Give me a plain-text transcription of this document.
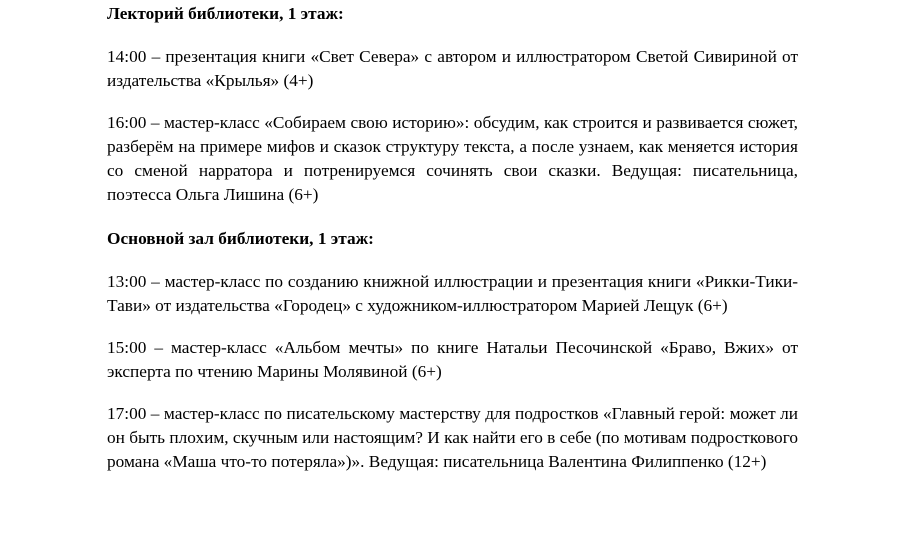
Лекторий библиотеки, 1 этаж:

14:00 – презентация книги «Свет Севера» с автором и иллюстратором Светой Сивириной от издательства «Крылья» (4+)

16:00 – мастер-класс «Собираем свою историю»: обсудим, как строится и развивается сюжет, разберём на примере мифов и сказок структуру текста, а после узнаем, как меняется история со сменой нарратора и потренируемся сочинять свои сказки. Ведущая: писательница, поэтесса Ольга Лишина (6+)

Основной зал библиотеки, 1 этаж:

13:00 – мастер-класс по созданию книжной иллюстрации и презентация книги «Рикки-Тики-Тави» от издательства «Городец» с художником-иллюстратором Марией Лещук (6+)

15:00 – мастер-класс «Альбом мечты» по книге Натальи Песочинской «Браво, Вжих» от эксперта по чтению Марины Молявиной (6+)

17:00 – мастер-класс по писательскому мастерству для подростков «Главный герой: может ли он быть плохим, скучным или настоящим? И как найти его в себе (по мотивам подросткового романа «Маша что-то потеряла»)». Ведущая: писательница Валентина Филиппенко (12+)
